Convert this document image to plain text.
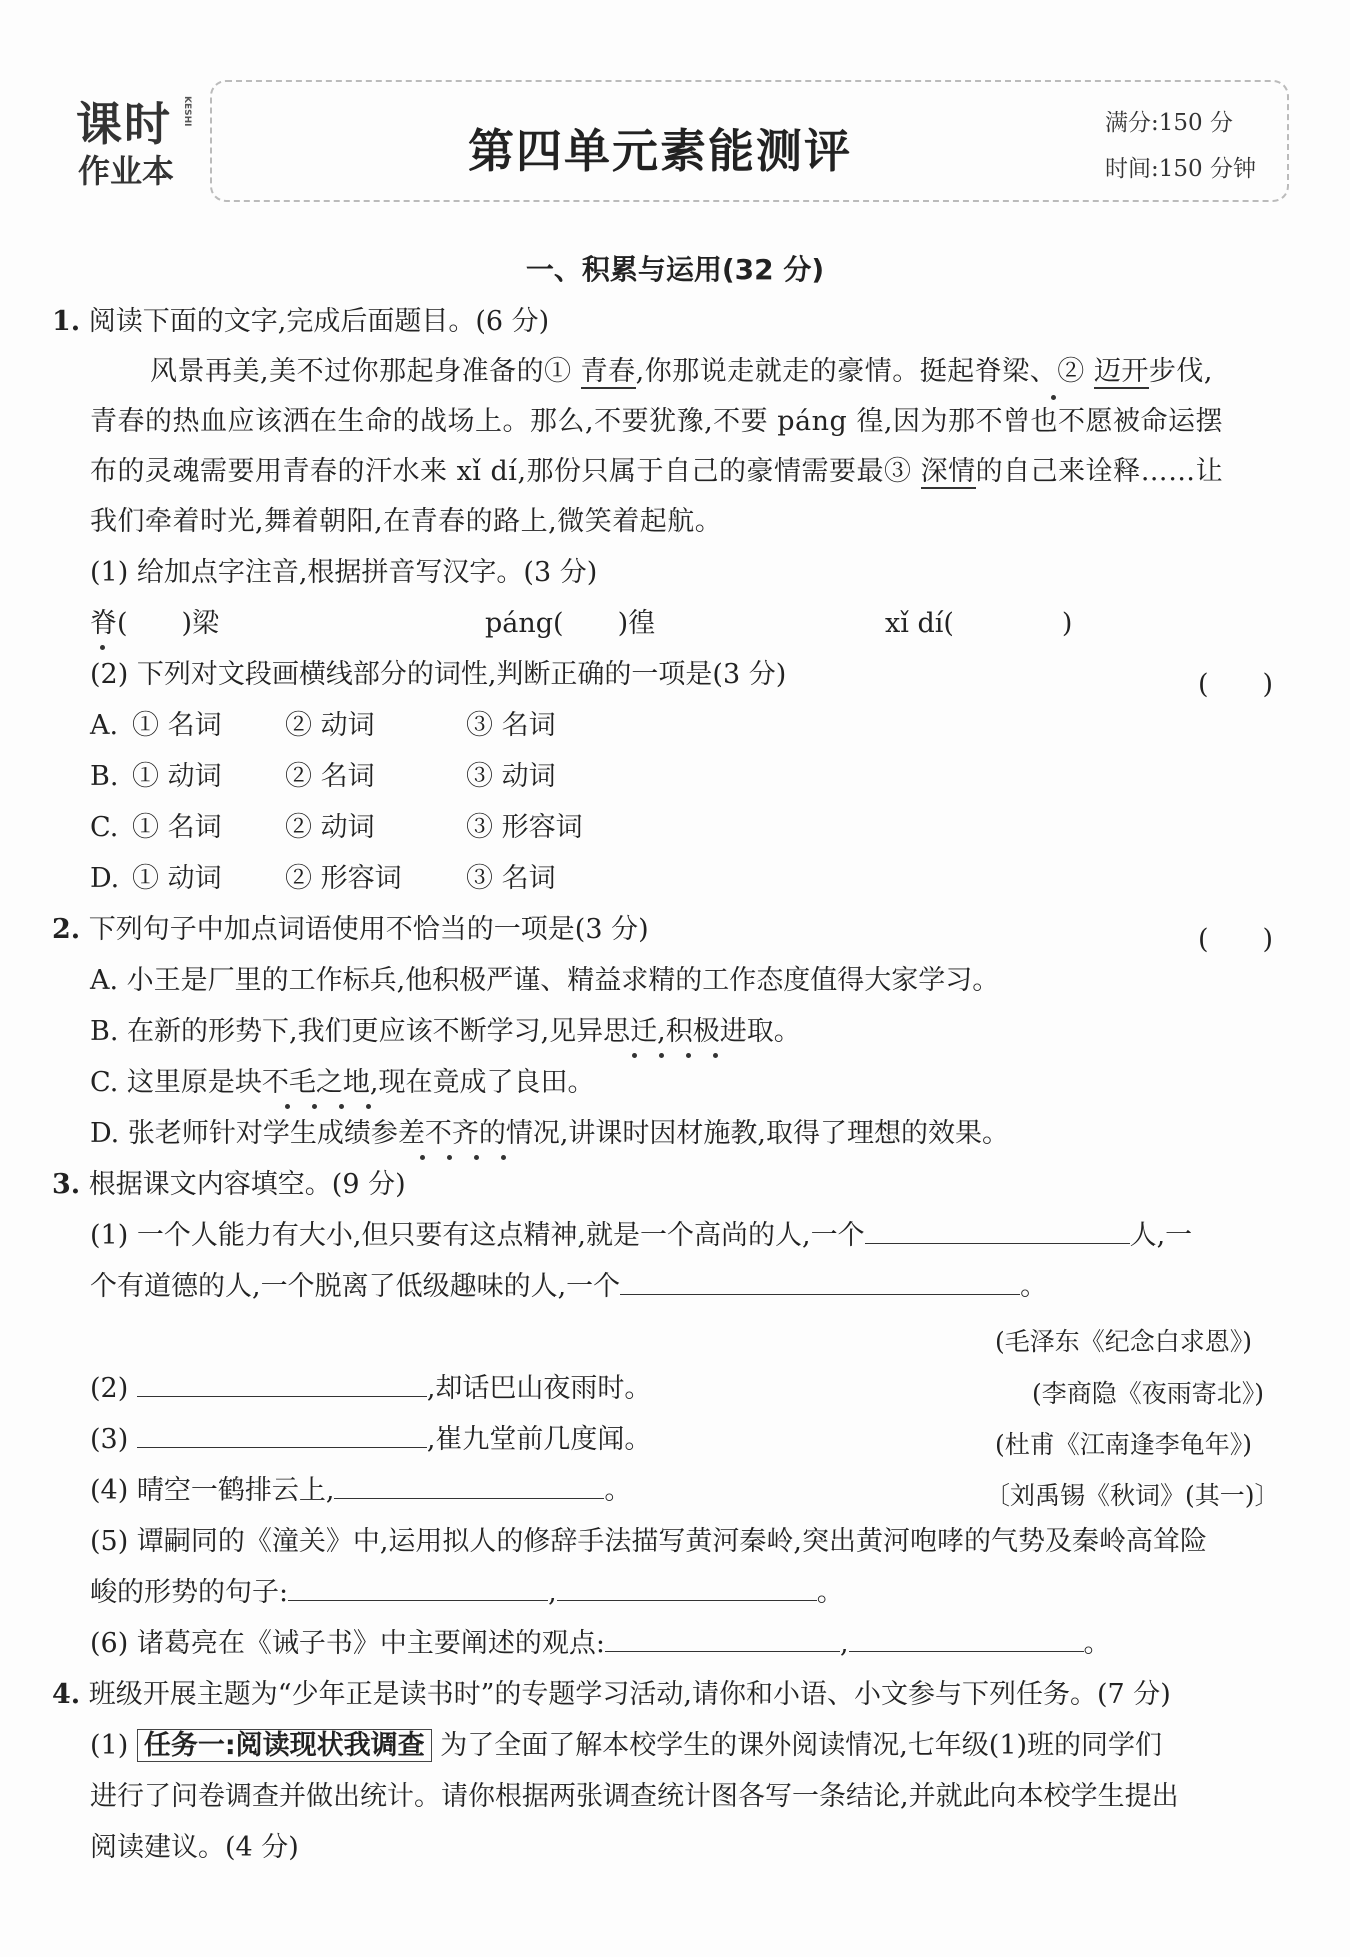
课时
作业本
KESHI
第四单元素能测评
满分:150 分
时间:150 分钟
一、积累与运用(32 分)
1. 阅读下面的文字,完成后面题目。(6 分)
风景再美,美不过你那起身准备的① 青春,你那说走就走的豪情。挺起脊梁、② 迈开步伐,
青春的热血应该洒在生命的战场上。那么,不要犹豫,不要 páng 徨,因为那不曾也不愿被命运摆
布的灵魂需要用青春的汗水来 xǐ dí,那份只属于自己的豪情需要最③ 深情的自己来诠释……让
我们牵着时光,舞着朝阳,在青春的路上,微笑着起航。
(1) 给加点字注音,根据拼音写汉字。(3 分)
脊(　　)梁	páng(　　)徨	xǐ dí(　　　　)
(2) 下列对文段画横线部分的词性,判断正确的一项是(3 分)	(　　)
A. ① 名词 ② 动词	③ 名词
B. ① 动词 ② 名词	③ 动词
C. ① 名词 ② 动词	③ 形容词
D. ① 动词 ② 形容词 ③ 名词
2. 下列句子中加点词语使用不恰当的一项是(3 分)	(　　)
A. 小王是厂里的工作标兵,他积极严谨、精益求精的工作态度值得大家学习。
B. 在新的形势下,我们更应该不断学习,见异思迁,积极进取。
C. 这里原是块不毛之地,现在竟成了良田。
D. 张老师针对学生成绩参差不齐的情况,讲课时因材施教,取得了理想的效果。
3. 根据课文内容填空。(9 分)
(1) 一个人能力有大小,但只要有这点精神,就是一个高尚的人,一个	人,一
个有道德的人,一个脱离了低级趣味的人,一个	。
(毛泽东《纪念白求恩》)
(2)	,却话巴山夜雨时。	(李商隐《夜雨寄北》)
(3)	,崔九堂前几度闻。	(杜甫《江南逢李龟年》)
(4) 晴空一鹤排云上,	。	〔刘禹锡《秋词》(其一)〕
(5) 谭嗣同的《潼关》中,运用拟人的修辞手法描写黄河秦岭,突出黄河咆哮的气势及秦岭高耸险
峻的形势的句子:	,	。
(6) 诸葛亮在《诫子书》中主要阐述的观点:	,	。
4. 班级开展主题为“少年正是读书时”的专题学习活动,请你和小语、小文参与下列任务。(7 分)
(1) 任务一:阅读现状我调查 为了全面了解本校学生的课外阅读情况,七年级(1)班的同学们
进行了问卷调查并做出统计。请你根据两张调查统计图各写一条结论,并就此向本校学生提出
阅读建议。(4 分)
